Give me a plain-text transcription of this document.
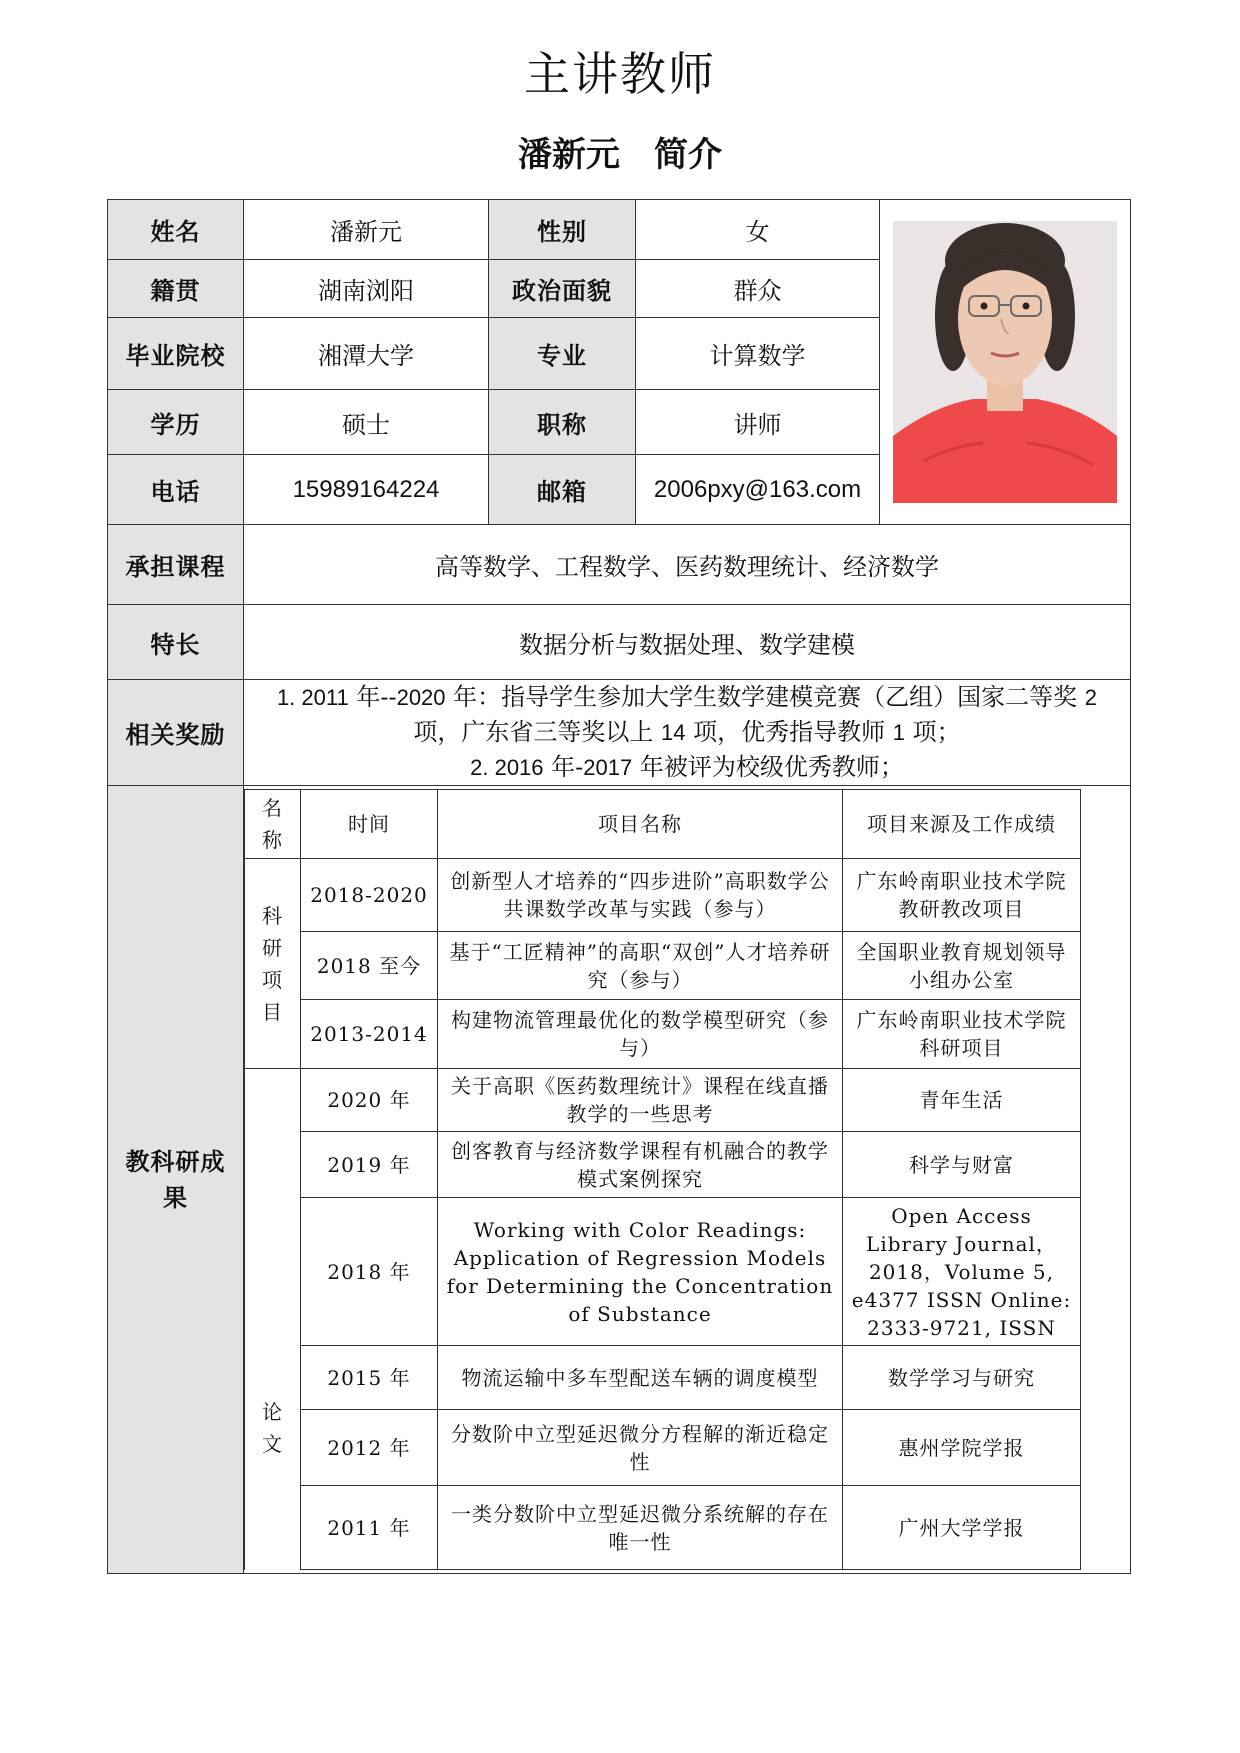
主讲教师
潘新元 简介
姓名	潘新元	性别	女	

籍贯	湖南浏阳	政治面貌	群众
毕业院校	湘潭大学	专业	计算数学
学历	硕士	职称	讲师
电话	15989164224	邮箱	2006pxy@163.com
承担课程	高等数学、工程数学、医药数理统计、经济数学
特长	数据分析与数据处理、数学建模
相关奖励	
1. 2011 年--2020 年：指导学生参加大学生数学建模竞赛（乙组）国家二等奖 2
项，广东省三等奖以上 14 项，优秀指导教师 1 项；
2. 2016 年-2017 年被评为校级优秀教师；

教科研成果

名称	时间	项目名称	项目来源及工作成绩
科研项目	2018-2020	创新型人才培养的“四步进阶”高职数学公共课数学改革与实践（参与）	广东岭南职业技术学院教研教改项目
2018 至今	基于“工匠精神”的高职“双创”人才培养研究（参与）	全国职业教育规划领导小组办公室
2013-2014	构建物流管理最优化的数学模型研究（参与）	广东岭南职业技术学院科研项目
论文	2020 年	关于高职《医药数理统计》课程在线直播教学的一些思考	青年生活
2019 年	创客教育与经济数学课程有机融合的教学模式案例探究	科学与财富
2018 年	Working with Color Readings: Application of Regression Models for Determining the Concentration of Substance	Open Access Library Journal，2018，Volume 5, e4377 ISSN Online: 2333-9721, ISSN
2015 年	物流运输中多车型配送车辆的调度模型	数学学习与研究
2012 年	分数阶中立型延迟微分方程解的渐近稳定性	惠州学院学报
2011 年	一类分数阶中立型延迟微分系统解的存在唯一性	广州大学学报
